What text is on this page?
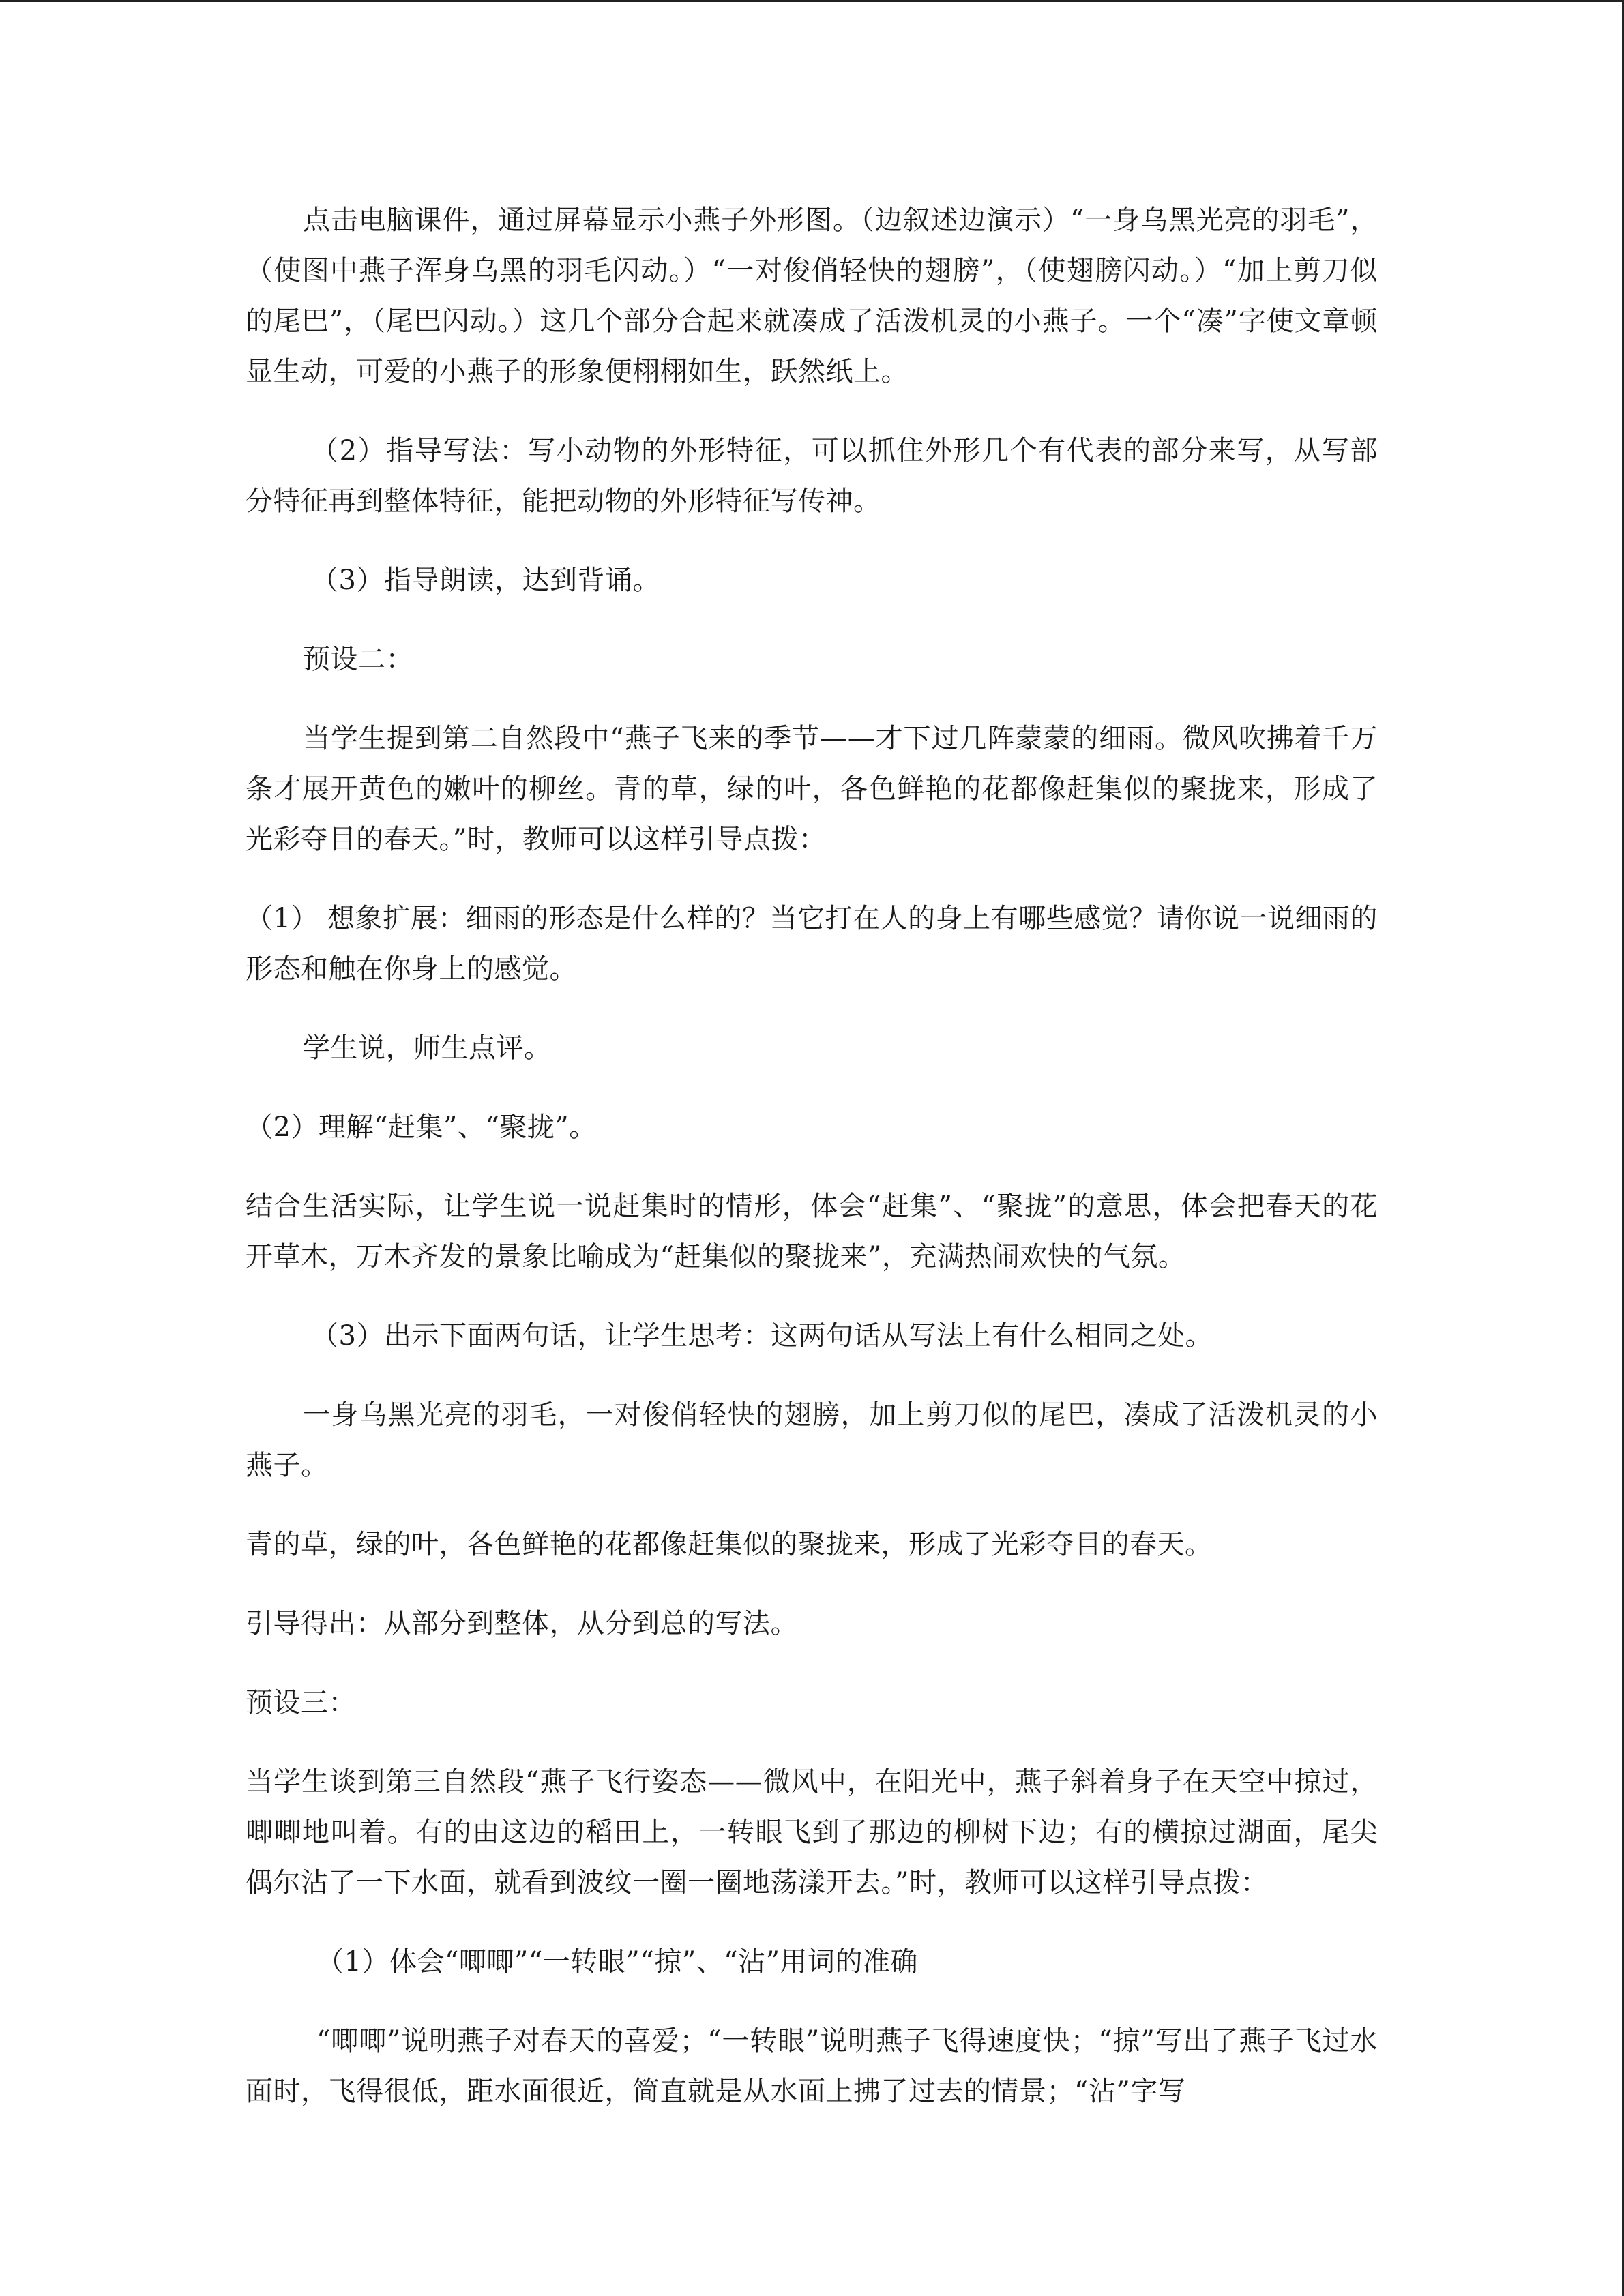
点击电脑课件，通过屏幕显示小燕子外形图。（边叙述边演示）“一身乌黑光亮的羽毛”，（使图中燕子浑身乌黑的羽毛闪动。）“一对俊俏轻快的翅膀”，（使翅膀闪动。）“加上剪刀似的尾巴”，（尾巴闪动。）这几个部分合起来就凑成了活泼机灵的小燕子。一个“凑”字使文章顿显生动，可爱的小燕子的形象便栩栩如生，跃然纸上。

（2）指导写法：写小动物的外形特征，可以抓住外形几个有代表的部分来写，从写部分特征再到整体特征，能把动物的外形特征写传神。

（3）指导朗读，达到背诵。

预设二：

当学生提到第二自然段中“燕子飞来的季节——才下过几阵蒙蒙的细雨。微风吹拂着千万条才展开黄色的嫩叶的柳丝。青的草，绿的叶，各色鲜艳的花都像赶集似的聚拢来，形成了光彩夺目的春天。”时，教师可以这样引导点拨：

（1） 想象扩展：细雨的形态是什么样的？当它打在人的身上有哪些感觉？请你说一说细雨的形态和触在你身上的感觉。

学生说，师生点评。

（2）理解“赶集”、“聚拢”。

结合生活实际，让学生说一说赶集时的情形，体会“赶集”、“聚拢”的意思，体会把春天的花开草木，万木齐发的景象比喻成为“赶集似的聚拢来”，充满热闹欢快的气氛。

（3）出示下面两句话，让学生思考：这两句话从写法上有什么相同之处。

一身乌黑光亮的羽毛，一对俊俏轻快的翅膀，加上剪刀似的尾巴，凑成了活泼机灵的小燕子。

青的草，绿的叶，各色鲜艳的花都像赶集似的聚拢来，形成了光彩夺目的春天。

引导得出：从部分到整体，从分到总的写法。

预设三：

当学生谈到第三自然段“燕子飞行姿态——微风中，在阳光中，燕子斜着身子在天空中掠过，唧唧地叫着。有的由这边的稻田上，一转眼飞到了那边的柳树下边；有的横掠过湖面，尾尖偶尔沾了一下水面，就看到波纹一圈一圈地荡漾开去。”时，教师可以这样引导点拨：

（1）体会“唧唧”“一转眼”“掠”、“沾”用词的准确

“唧唧”说明燕子对春天的喜爱；“一转眼”说明燕子飞得速度快；“掠”写出了燕子飞过水面时，飞得很低，距水面很近，简直就是从水面上拂了过去的情景；“沾”字写
